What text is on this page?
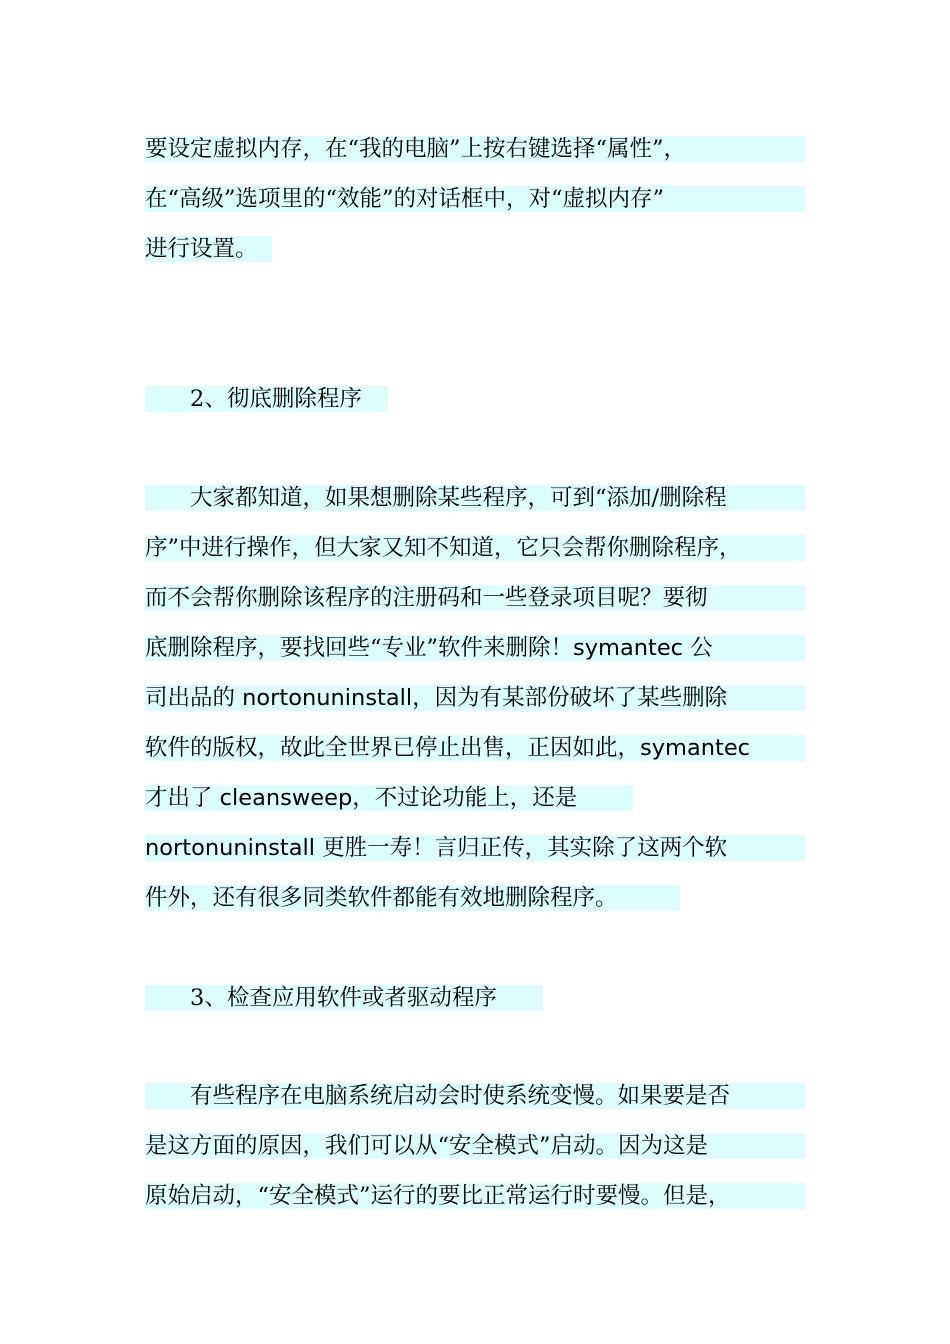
要设定虚拟内存，在“我的电脑”上按右键选择“属性”，
在“高级”选项里的“效能”的对话框中，对“虚拟内存”
进行设置。
　　2、彻底删除程序
　　大家都知道，如果想删除某些程序，可到“添加/删除程
序”中进行操作，但大家又知不知道，它只会帮你删除程序，
而不会帮你删除该程序的注册码和一些登录项目呢？要彻
底删除程序，要找回些“专业”软件来删除！symantec 公
司出品的 nortonuninstall，因为有某部份破坏了某些删除
软件的版权，故此全世界已停止出售，正因如此，symantec
才出了 cleansweep，不过论功能上，还是
nortonuninstall 更胜一寿！言归正传，其实除了这两个软
件外，还有很多同类软件都能有效地删除程序。
　　3、检查应用软件或者驱动程序
　　有些程序在电脑系统启动会时使系统变慢。如果要是否
是这方面的原因，我们可以从“安全模式”启动。因为这是
原始启动，“安全模式”运行的要比正常运行时要慢。但是，
